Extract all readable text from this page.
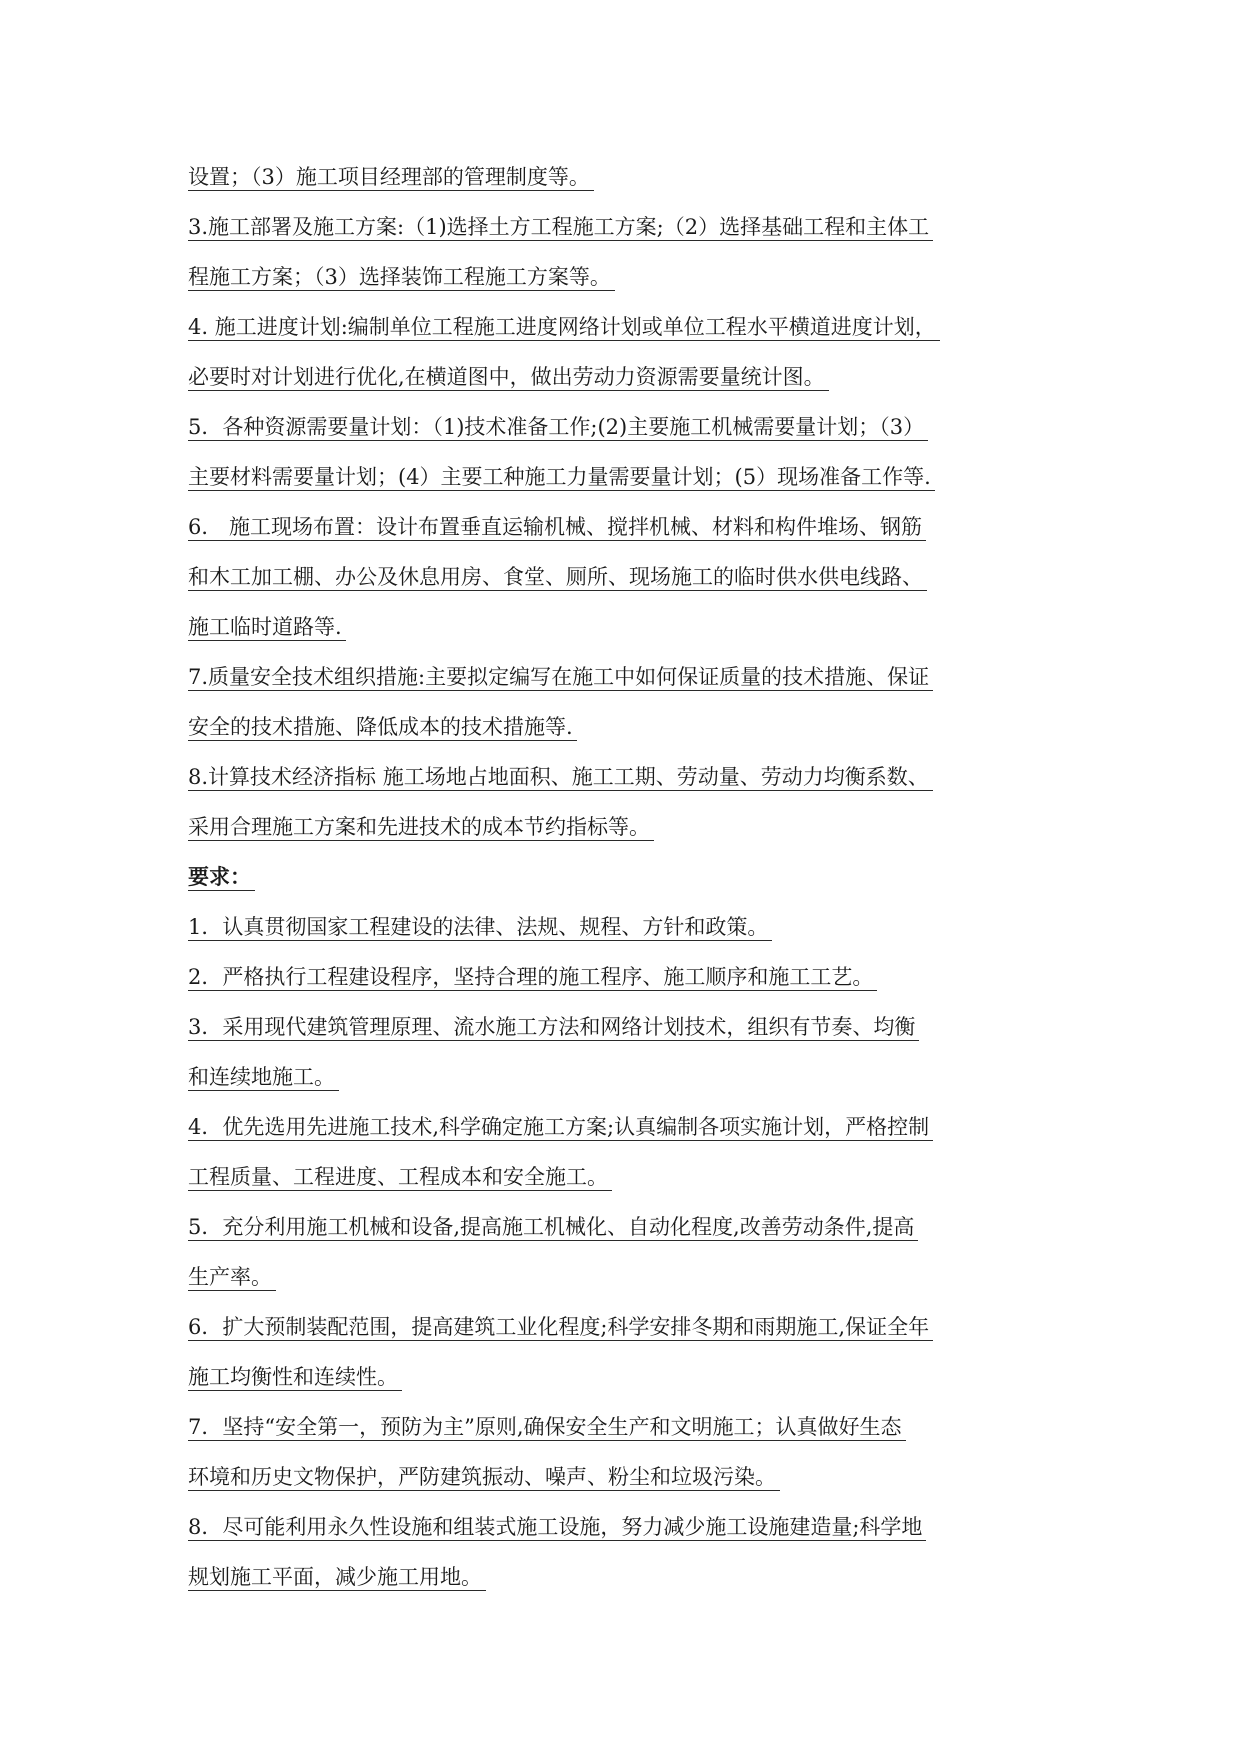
设置；（3）施工项目经理部的管理制度等。
3.施工部署及施工方案:（1)选择土方工程施工方案;（2）选择基础工程和主体工
程施工方案；（3）选择装饰工程施工方案等。
4. 施工进度计划:编制单位工程施工进度网络计划或单位工程水平横道进度计划，
必要时对计划进行优化,在横道图中，做出劳动力资源需要量统计图。
5．各种资源需要量计划：（1)技术准备工作;(2)主要施工机械需要量计划；（3）
主要材料需要量计划；(4）主要工种施工力量需要量计划；(5）现场准备工作等.
6． 施工现场布置：设计布置垂直运输机械、搅拌机械、材料和构件堆场、钢筋
和木工加工棚、办公及休息用房、食堂、厕所、现场施工的临时供水供电线路、
施工临时道路等.
7.质量安全技术组织措施:主要拟定编写在施工中如何保证质量的技术措施、保证
安全的技术措施、降低成本的技术措施等.
8.计算技术经济指标 施工场地占地面积、施工工期、劳动量、劳动力均衡系数、
采用合理施工方案和先进技术的成本节约指标等。
要求：
1．认真贯彻国家工程建设的法律、法规、规程、方针和政策。
2．严格执行工程建设程序，坚持合理的施工程序、施工顺序和施工工艺。
3．采用现代建筑管理原理、流水施工方法和网络计划技术，组织有节奏、均衡
和连续地施工。
4．优先选用先进施工技术,科学确定施工方案;认真编制各项实施计划，严格控制
工程质量、工程进度、工程成本和安全施工。
5．充分利用施工机械和设备,提高施工机械化、自动化程度,改善劳动条件,提高
生产率。
6．扩大预制装配范围，提高建筑工业化程度;科学安排冬期和雨期施工,保证全年
施工均衡性和连续性。
7．坚持“安全第一，预防为主”原则,确保安全生产和文明施工；认真做好生态
环境和历史文物保护，严防建筑振动、噪声、粉尘和垃圾污染。
8．尽可能利用永久性设施和组装式施工设施，努力减少施工设施建造量;科学地
规划施工平面，减少施工用地。
